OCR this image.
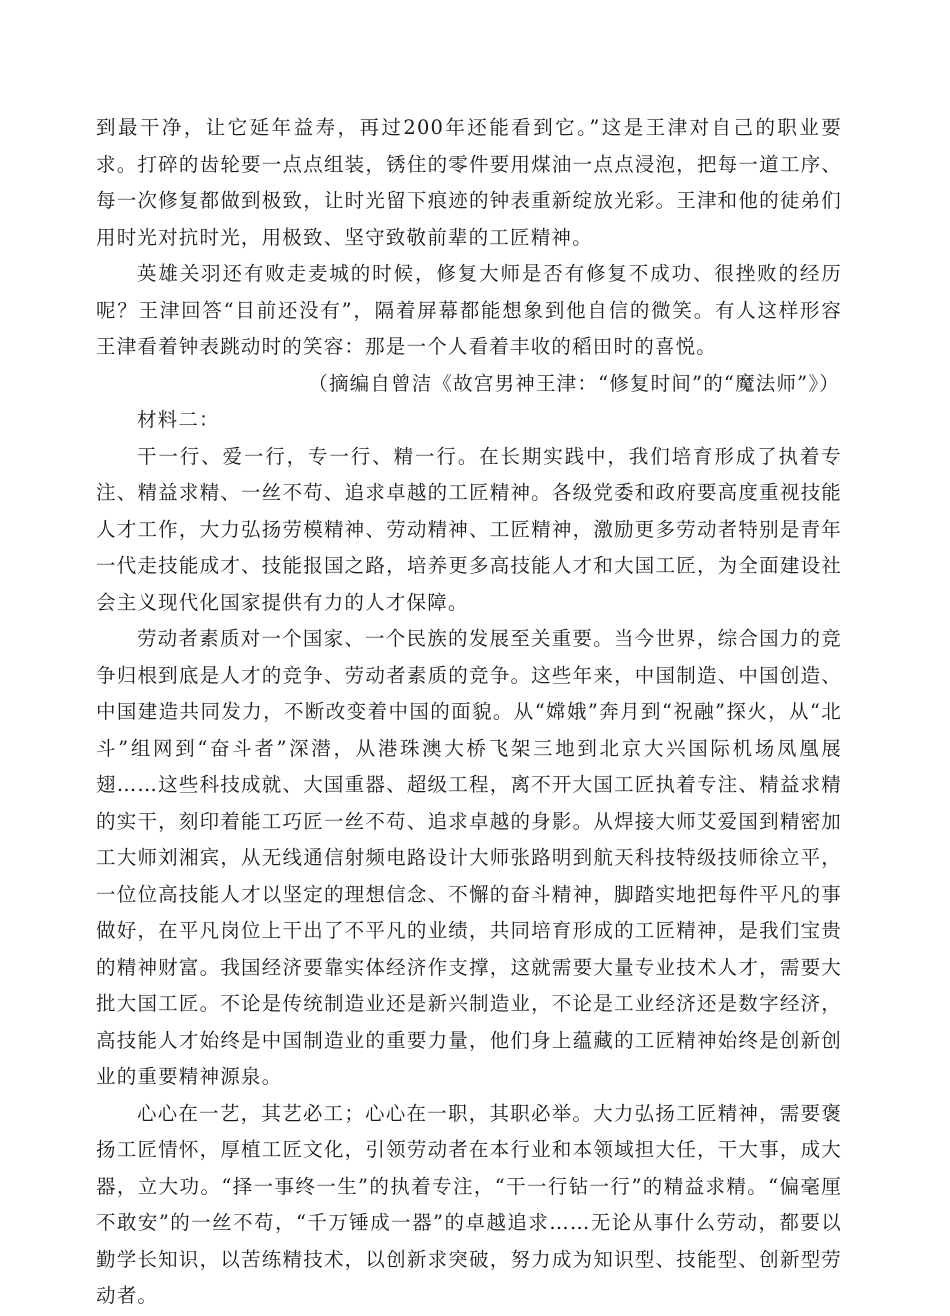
到最干净，让它延年益寿，再过200年还能看到它。”这是王津对自己的职业要求。打碎的齿轮要一点点组装，锈住的零件要用煤油一点点浸泡，把每一道工序、每一次修复都做到极致，让时光留下痕迹的钟表重新绽放光彩。王津和他的徒弟们用时光对抗时光，用极致、坚守致敬前辈的工匠精神。

英雄关羽还有败走麦城的时候，修复大师是否有修复不成功、很挫败的经历呢？王津回答“目前还没有”，隔着屏幕都能想象到他自信的微笑。有人这样形容王津看着钟表跳动时的笑容：那是一个人看着丰收的稻田时的喜悦。

（摘编自曾洁《故宫男神王津：“修复时间”的“魔法师”》）

材料二：

干一行、爱一行，专一行、精一行。在长期实践中，我们培育形成了执着专注、精益求精、一丝不苟、追求卓越的工匠精神。各级党委和政府要高度重视技能人才工作，大力弘扬劳模精神、劳动精神、工匠精神，激励更多劳动者特别是青年一代走技能成才、技能报国之路，培养更多高技能人才和大国工匠，为全面建设社会主义现代化国家提供有力的人才保障。

劳动者素质对一个国家、一个民族的发展至关重要。当今世界，综合国力的竞争归根到底是人才的竞争、劳动者素质的竞争。这些年来，中国制造、中国创造、中国建造共同发力，不断改变着中国的面貌。从“嫦娥”奔月到“祝融”探火，从“北斗”组网到“奋斗者”深潜，从港珠澳大桥飞架三地到北京大兴国际机场凤凰展翅……这些科技成就、大国重器、超级工程，离不开大国工匠执着专注、精益求精的实干，刻印着能工巧匠一丝不苟、追求卓越的身影。从焊接大师艾爱国到精密加工大师刘湘宾，从无线通信射频电路设计大师张路明到航天科技特级技师徐立平，一位位高技能人才以坚定的理想信念、不懈的奋斗精神，脚踏实地把每件平凡的事做好，在平凡岗位上干出了不平凡的业绩，共同培育形成的工匠精神，是我们宝贵的精神财富。我国经济要靠实体经济作支撑，这就需要大量专业技术人才，需要大批大国工匠。不论是传统制造业还是新兴制造业，不论是工业经济还是数字经济，高技能人才始终是中国制造业的重要力量，他们身上蕴藏的工匠精神始终是创新创业的重要精神源泉。

心心在一艺，其艺必工；心心在一职，其职必举。大力弘扬工匠精神，需要褒扬工匠情怀，厚植工匠文化，引领劳动者在本行业和本领域担大任，干大事，成大器，立大功。“择一事终一生”的执着专注，“干一行钻一行”的精益求精。“偏毫厘不敢安”的一丝不苟，“千万锤成一器”的卓越追求……无论从事什么劳动，都要以勤学长知识，以苦练精技术，以创新求突破，努力成为知识型、技能型、创新型劳动者。
